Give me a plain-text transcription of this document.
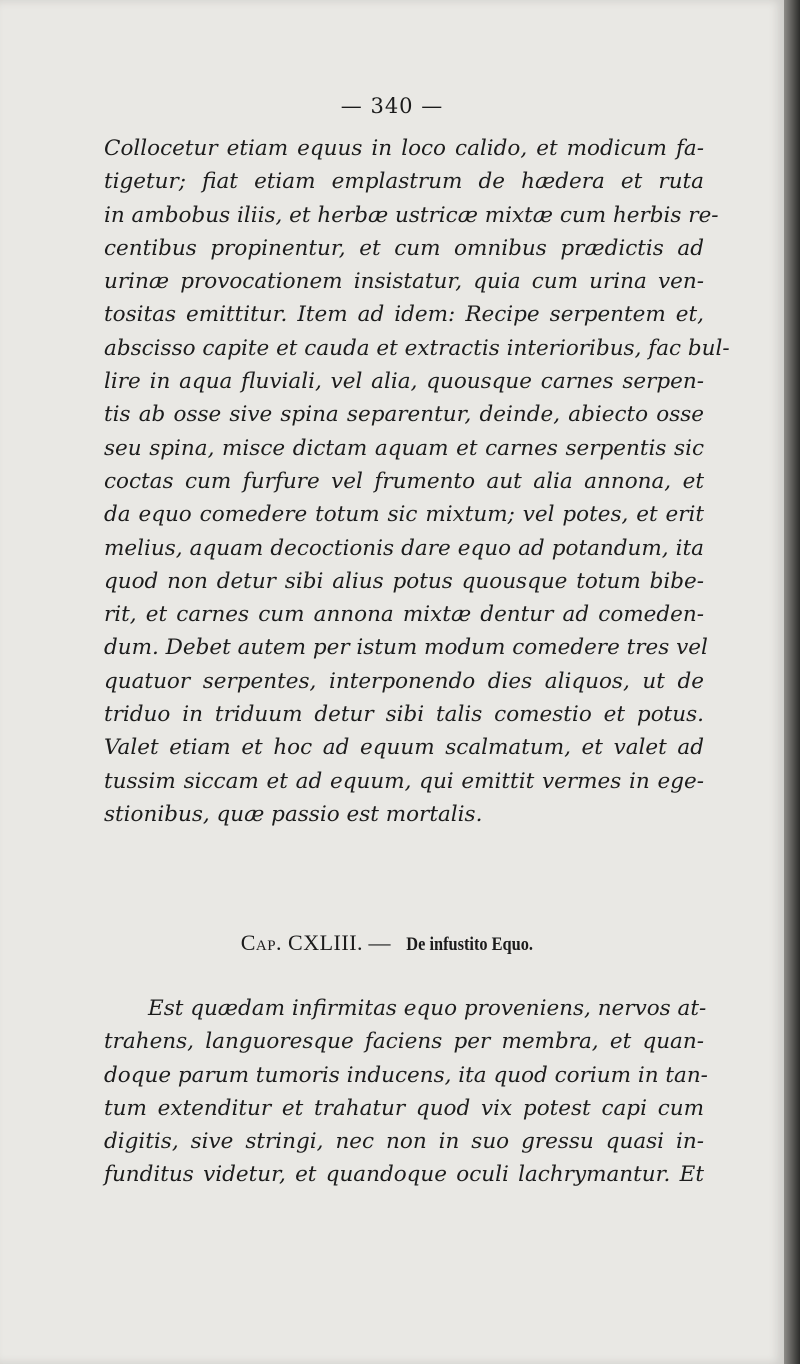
— 340 —
Collocetur etiam equus in loco calido, et modicum fa-
tigetur; fiat etiam emplastrum de hædera et ruta
in ambobus iliis, et herbæ ustricæ mixtæ cum herbis re-
centibus propinentur, et cum omnibus prædictis ad
urinæ provocationem insistatur, quia cum urina ven-
tositas emittitur. Item ad idem: Recipe serpentem et,
abscisso capite et cauda et extractis interioribus, fac bul-
lire in aqua fluviali, vel alia, quousque carnes serpen-
tis ab osse sive spina separentur, deinde, abiecto osse
seu spina, misce dictam aquam et carnes serpentis sic
coctas cum furfure vel frumento aut alia annona, et
da equo comedere totum sic mixtum; vel potes, et erit
melius, aquam decoctionis dare equo ad potandum, ita
quod non detur sibi alius potus quousque totum bibe-
rit, et carnes cum annona mixtæ dentur ad comeden-
dum. Debet autem per istum modum comedere tres vel
quatuor serpentes, interponendo dies aliquos, ut de
triduo in triduum detur sibi talis comestio et potus.
Valet etiam et hoc ad equum scalmatum, et valet ad
tussim siccam et ad equum, qui emittit vermes in ege-
stionibus, quæ passio est mortalis.
Cap. CXLIII. — De infustito Equo.
Est quædam infirmitas equo proveniens, nervos at-
trahens, languoresque faciens per membra, et quan-
doque parum tumoris inducens, ita quod corium in tan-
tum extenditur et trahatur quod vix potest capi cum
digitis, sive stringi, nec non in suo gressu quasi in-
funditus videtur, et quandoque oculi lachrymantur. Et
